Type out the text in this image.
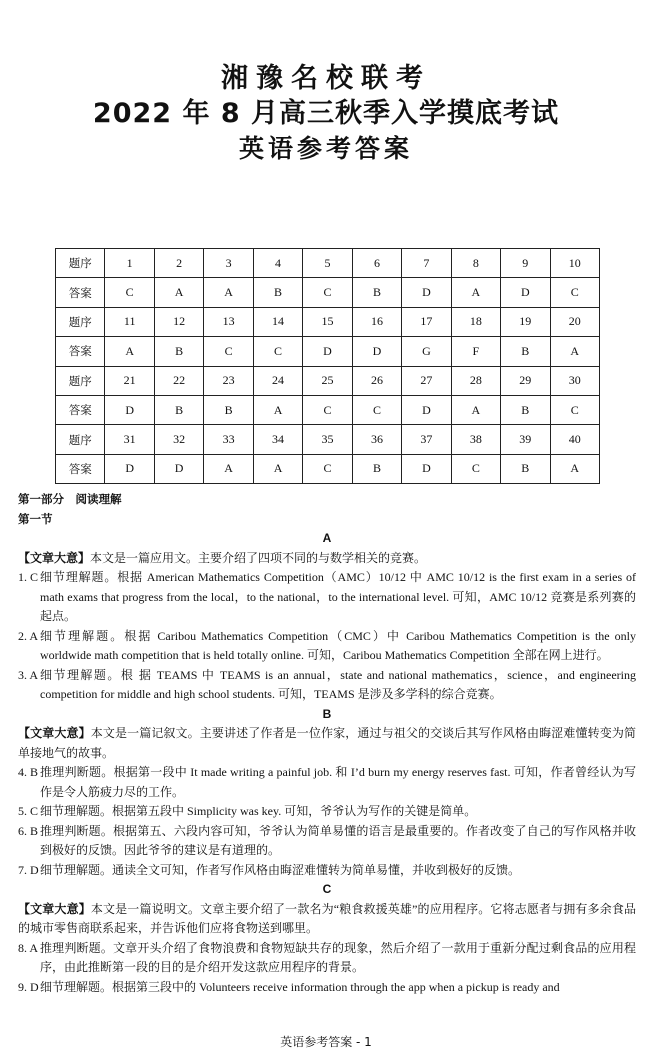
湘豫名校联考
2022 年 8 月高三秋季入学摸底考试
英语参考答案
题序	1	2	3	4	5	6	7	8	9	10
答案	C	A	A	B	C	B	D	A	D	C
题序	11	12	13	14	15	16	17	18	19	20
答案	A	B	C	C	D	D	G	F	B	A
题序	21	22	23	24	25	26	27	28	29	30
答案	D	B	B	A	C	C	D	A	B	C
题序	31	32	33	34	35	36	37	38	39	40
答案	D	D	A	A	C	B	D	C	B	A
第一部分　阅读理解
第一节
A
【文章大意】本文是一篇应用文。主要介绍了四项不同的与数学相关的竞赛。
1. C 细节理解题。根据 American Mathematics Competition（AMC）10/12 中 AMC 10/12 is the first exam in a series of math exams that progress from the local，to the national，to the international level. 可知，AMC 10/12 竞赛是系列赛的起点。
2. A 细节理解题。根据 Caribou Mathematics Competition（CMC）中 Caribou Mathematics Competition is the only worldwide math competition that is held totally online. 可知，Caribou Mathematics Competition 全部在网上进行。
3. A 细节理解题。根 据 TEAMS 中 TEAMS is an annual，state and national mathematics，science，and engineering competition for middle and high school students. 可知，TEAMS 是涉及多学科的综合竞赛。
B
【文章大意】本文是一篇记叙文。主要讲述了作者是一位作家，通过与祖父的交谈后其写作风格由晦涩难懂转变为简单接地气的故事。
4. B 推理判断题。根据第一段中 It made writing a painful job. 和 I’d burn my energy reserves fast. 可知，作者曾经认为写作是令人筋疲力尽的工作。
5. C 细节理解题。根据第五段中 Simplicity was key. 可知，爷爷认为写作的关键是简单。
6. B 推理判断题。根据第五、六段内容可知，爷爷认为简单易懂的语言是最重要的。作者改变了自己的写作风格并收到极好的反馈。因此爷爷的建议是有道理的。
7. D 细节理解题。通读全文可知，作者写作风格由晦涩难懂转为简单易懂，并收到极好的反馈。
C
【文章大意】本文是一篇说明文。文章主要介绍了一款名为“粮食救援英雄”的应用程序。它将志愿者与拥有多余食品的城市零售商联系起来，并告诉他们应将食物送到哪里。
8. A 推理判断题。文章开头介绍了食物浪费和食物短缺共存的现象，然后介绍了一款用于重新分配过剩食品的应用程序，由此推断第一段的目的是介绍开发这款应用程序的背景。
9. D 细节理解题。根据第三段中的 Volunteers receive information through the app when a pickup is ready and
英语参考答案 - 1
